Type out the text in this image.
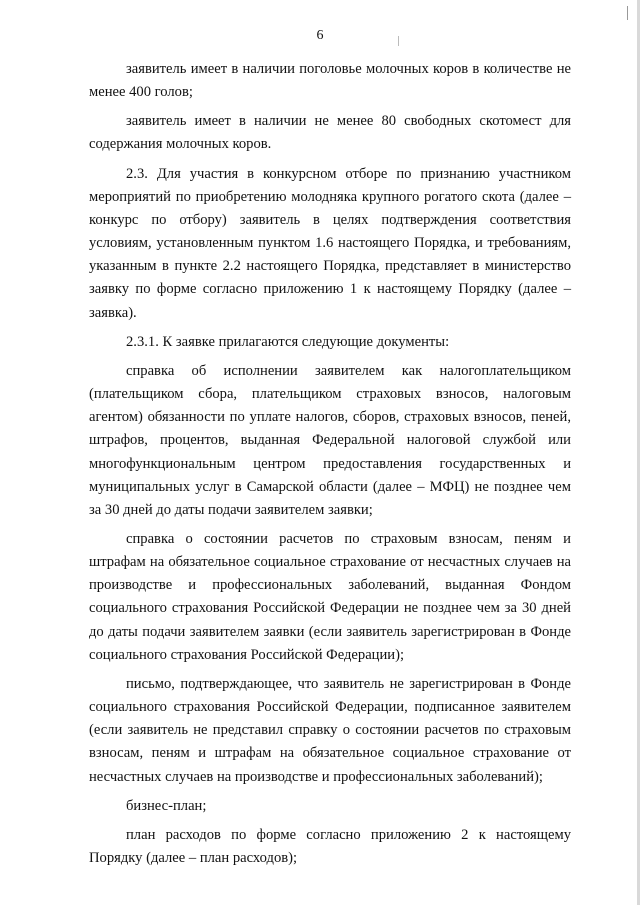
6

заявитель имеет в наличии поголовье молочных коров в количестве не менее 400 голов;

заявитель имеет в наличии не менее 80 свободных скотомест для содержания молочных коров.

2.3. Для участия в конкурсном отборе по признанию участником мероприятий по приобретению молодняка крупного рогатого скота (далее – конкурс по отбору) заявитель в целях подтверждения соответствия условиям, установленным пунктом 1.6 настоящего Порядка, и требованиям, указанным в пункте 2.2 настоящего Порядка, представляет в министерство заявку по форме согласно приложению 1 к настоящему Порядку (далее – заявка).

2.3.1. К заявке прилагаются следующие документы:

справка об исполнении заявителем как налогоплательщиком (плательщиком сбора, плательщиком страховых взносов, налоговым агентом) обязанности по уплате налогов, сборов, страховых взносов, пеней, штрафов, процентов, выданная Федеральной налоговой службой или многофункциональным центром предоставления государственных и муниципальных услуг в Самарской области (далее – МФЦ) не позднее чем за 30 дней до даты подачи заявителем заявки;

справка о состоянии расчетов по страховым взносам, пеням и штрафам на обязательное социальное страхование от несчастных случаев на производстве и профессиональных заболеваний, выданная Фондом социального страхования Российской Федерации не позднее чем за 30 дней до даты подачи заявителем заявки (если заявитель зарегистрирован в Фонде социального страхования Российской Федерации);

письмо, подтверждающее, что заявитель не зарегистрирован в Фонде социального страхования Российской Федерации, подписанное заявителем (если заявитель не представил справку о состоянии расчетов по страховым взносам, пеням и штрафам на обязательное социальное страхование от несчастных случаев на производстве и профессиональных заболеваний);

бизнес-план;

план расходов по форме согласно приложению 2 к настоящему Порядку (далее – план расходов);
